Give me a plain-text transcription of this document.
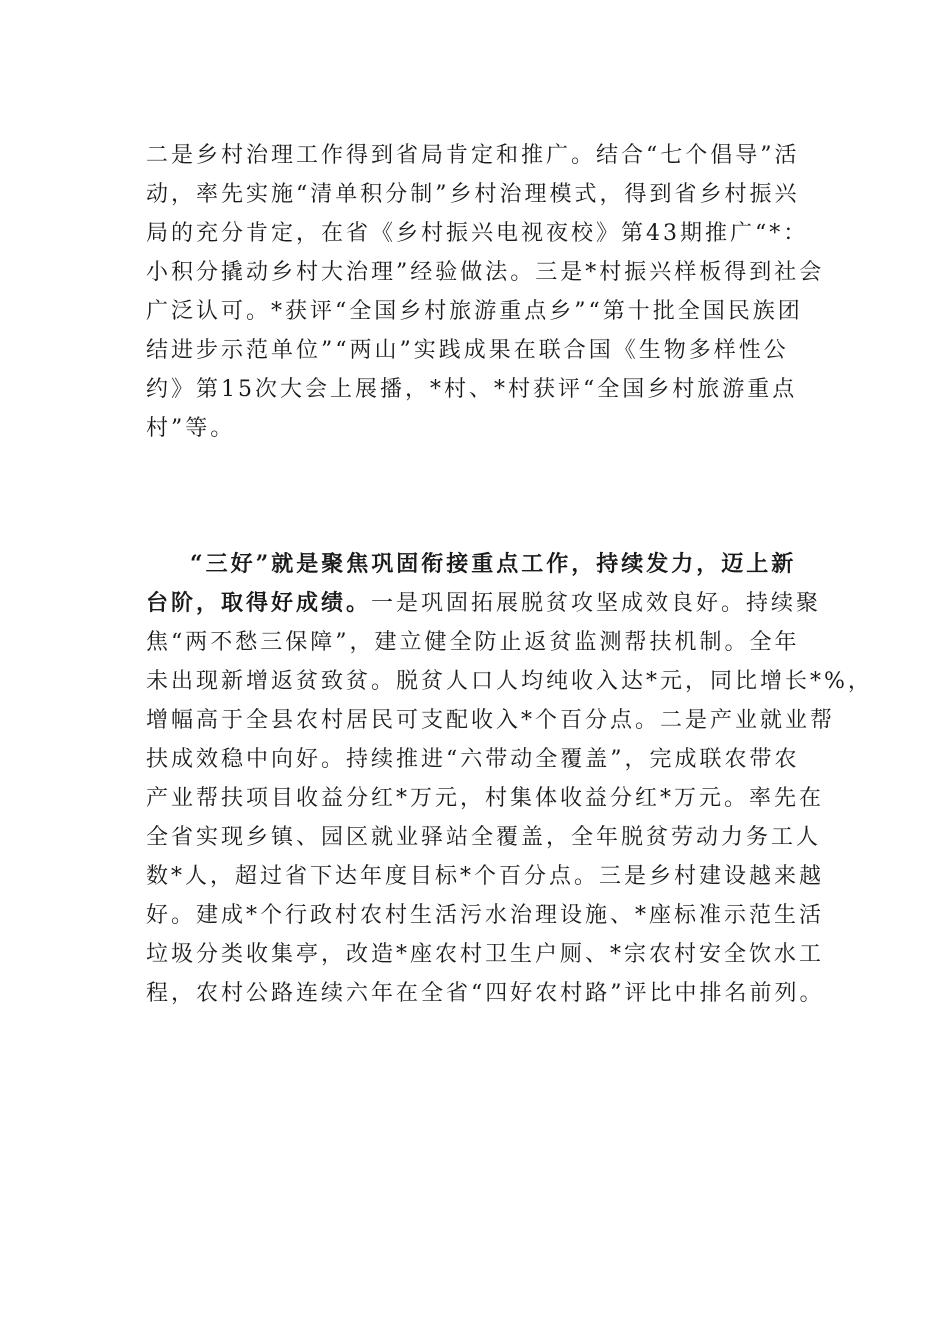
二是乡村治理工作得到省局肯定和推广。结合“七个倡导”活
动，率先实施“清单积分制”乡村治理模式，得到省乡村振兴
局的充分肯定，在省《乡村振兴电视夜校》第43期推广“*：
小积分撬动乡村大治理”经验做法。三是*村振兴样板得到社会
广泛认可。*获评“全国乡村旅游重点乡”“第十批全国民族团
结进步示范单位”“两山”实践成果在联合国《生物多样性公
约》第15次大会上展播，*村、*村获评“全国乡村旅游重点
村”等。
“三好”就是聚焦巩固衔接重点工作，持续发力，迈上新
台阶，取得好成绩。一是巩固拓展脱贫攻坚成效良好。持续聚
焦“两不愁三保障”，建立健全防止返贫监测帮扶机制。全年
未出现新增返贫致贫。脱贫人口人均纯收入达*元，同比增长*%，
增幅高于全县农村居民可支配收入*个百分点。二是产业就业帮
扶成效稳中向好。持续推进“六带动全覆盖”，完成联农带农
产业帮扶项目收益分红*万元，村集体收益分红*万元。率先在
全省实现乡镇、园区就业驿站全覆盖，全年脱贫劳动力务工人
数*人，超过省下达年度目标*个百分点。三是乡村建设越来越
好。建成*个行政村农村生活污水治理设施、*座标准示范生活
垃圾分类收集亭，改造*座农村卫生户厕、*宗农村安全饮水工
程，农村公路连续六年在全省“四好农村路”评比中排名前列。
